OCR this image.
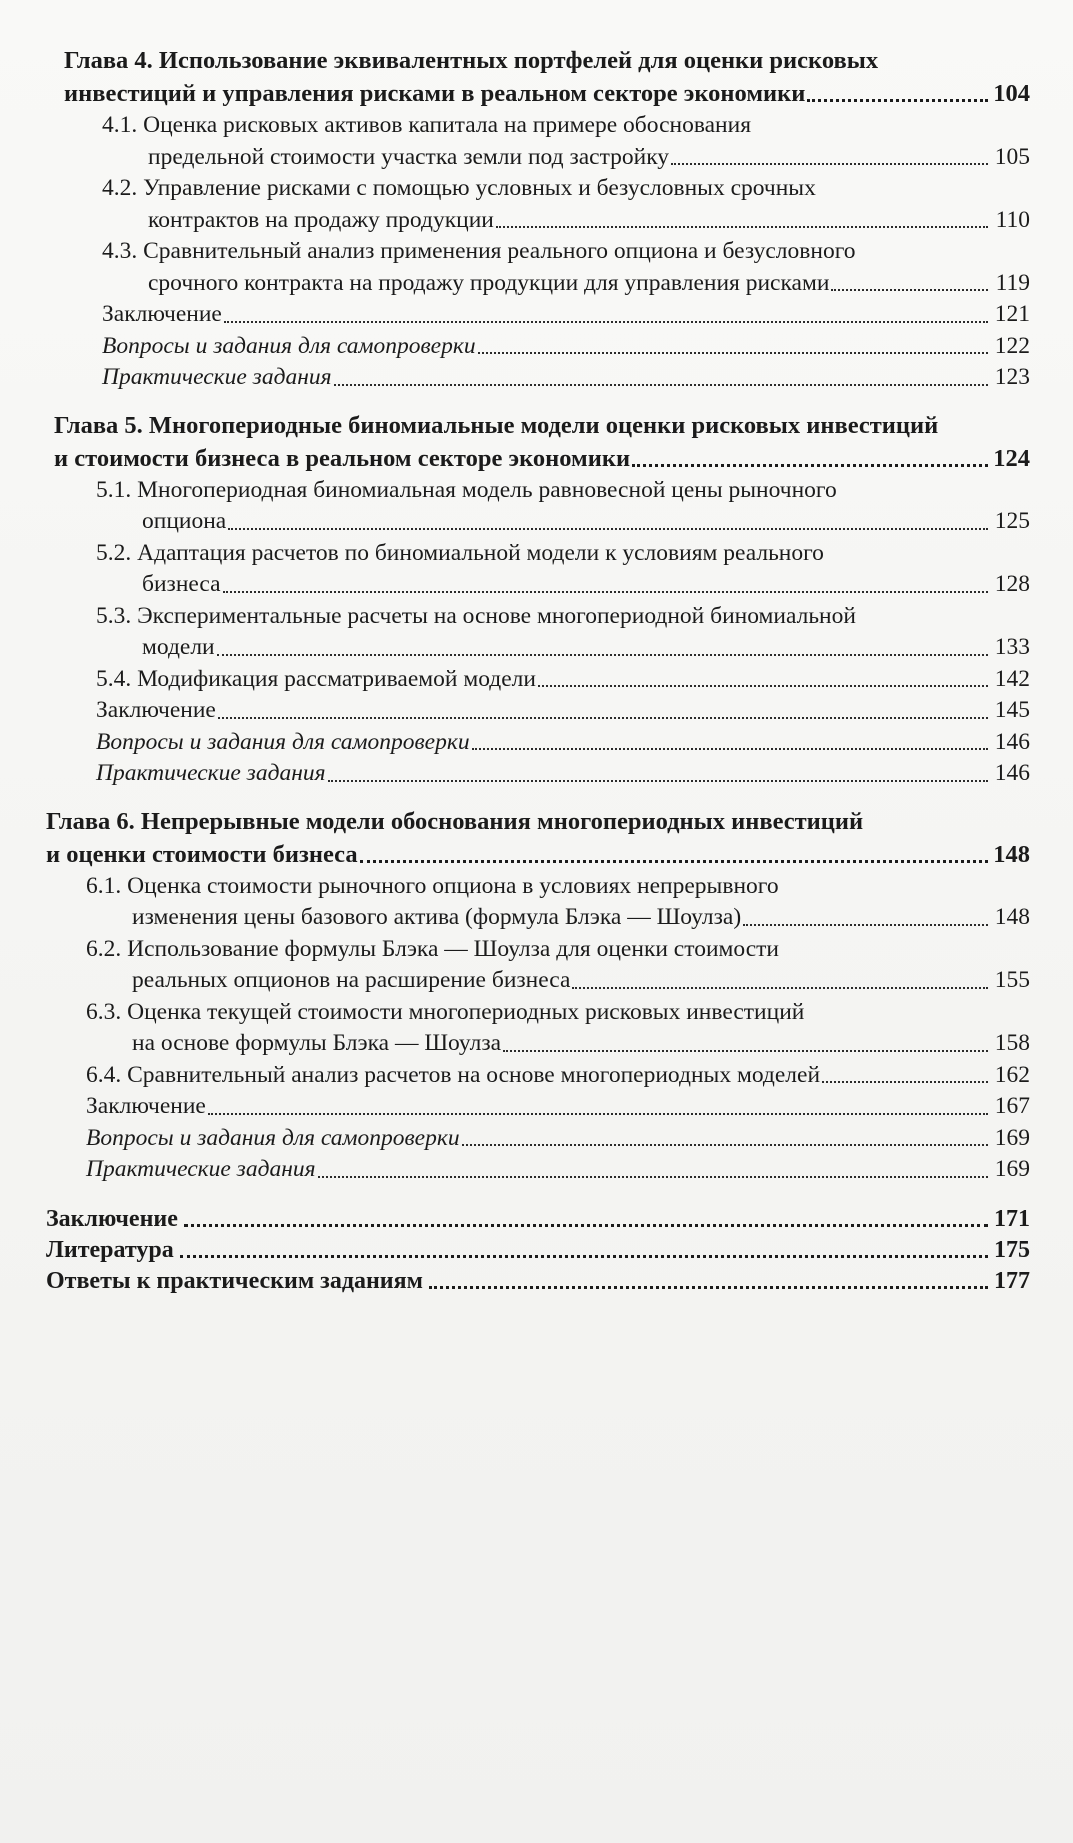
Глава 4. Использование эквивалентных портфелей для оценки рисковых
инвестиций и управления рисками в реальном секторе экономики	104
4.1. Оценка рисковых активов капитала на примере обоснования
предельной стоимости участка земли под застройку	105
4.2. Управление рисками с помощью условных и безусловных срочных
контрактов на продажу продукции	110
4.3. Сравнительный анализ применения реального опциона и безусловного
срочного контракта на продажу продукции для управления рисками	119
Заключение	121
Вопросы и задания для самопроверки	122
Практические задания	123
Глава 5. Многопериодные биномиальные модели оценки рисковых инвестиций
и стоимости бизнеса в реальном секторе экономики	124
5.1. Многопериодная биномиальная модель равновесной цены рыночного
опциона	125
5.2. Адаптация расчетов по биномиальной модели к условиям реального
бизнеса	128
5.3. Экспериментальные расчеты на основе многопериодной биномиальной
модели	133
5.4. Модификация рассматриваемой модели	142
Заключение	145
Вопросы и задания для самопроверки	146
Практические задания	146
Глава 6. Непрерывные модели обоснования многопериодных инвестиций
и оценки стоимости бизнеса	148
6.1. Оценка стоимости рыночного опциона в условиях непрерывного
изменения цены базового актива (формула Блэка — Шоулза)	148
6.2. Использование формулы Блэка — Шоулза для оценки стоимости
реальных опционов на расширение бизнеса	155
6.3. Оценка текущей стоимости многопериодных рисковых инвестиций
на основе формулы Блэка — Шоулза	158
6.4. Сравнительный анализ расчетов на основе многопериодных моделей	162
Заключение	167
Вопросы и задания для самопроверки	169
Практические задания	169
Заключение	171
Литература	175
Ответы к практическим заданиям	177
